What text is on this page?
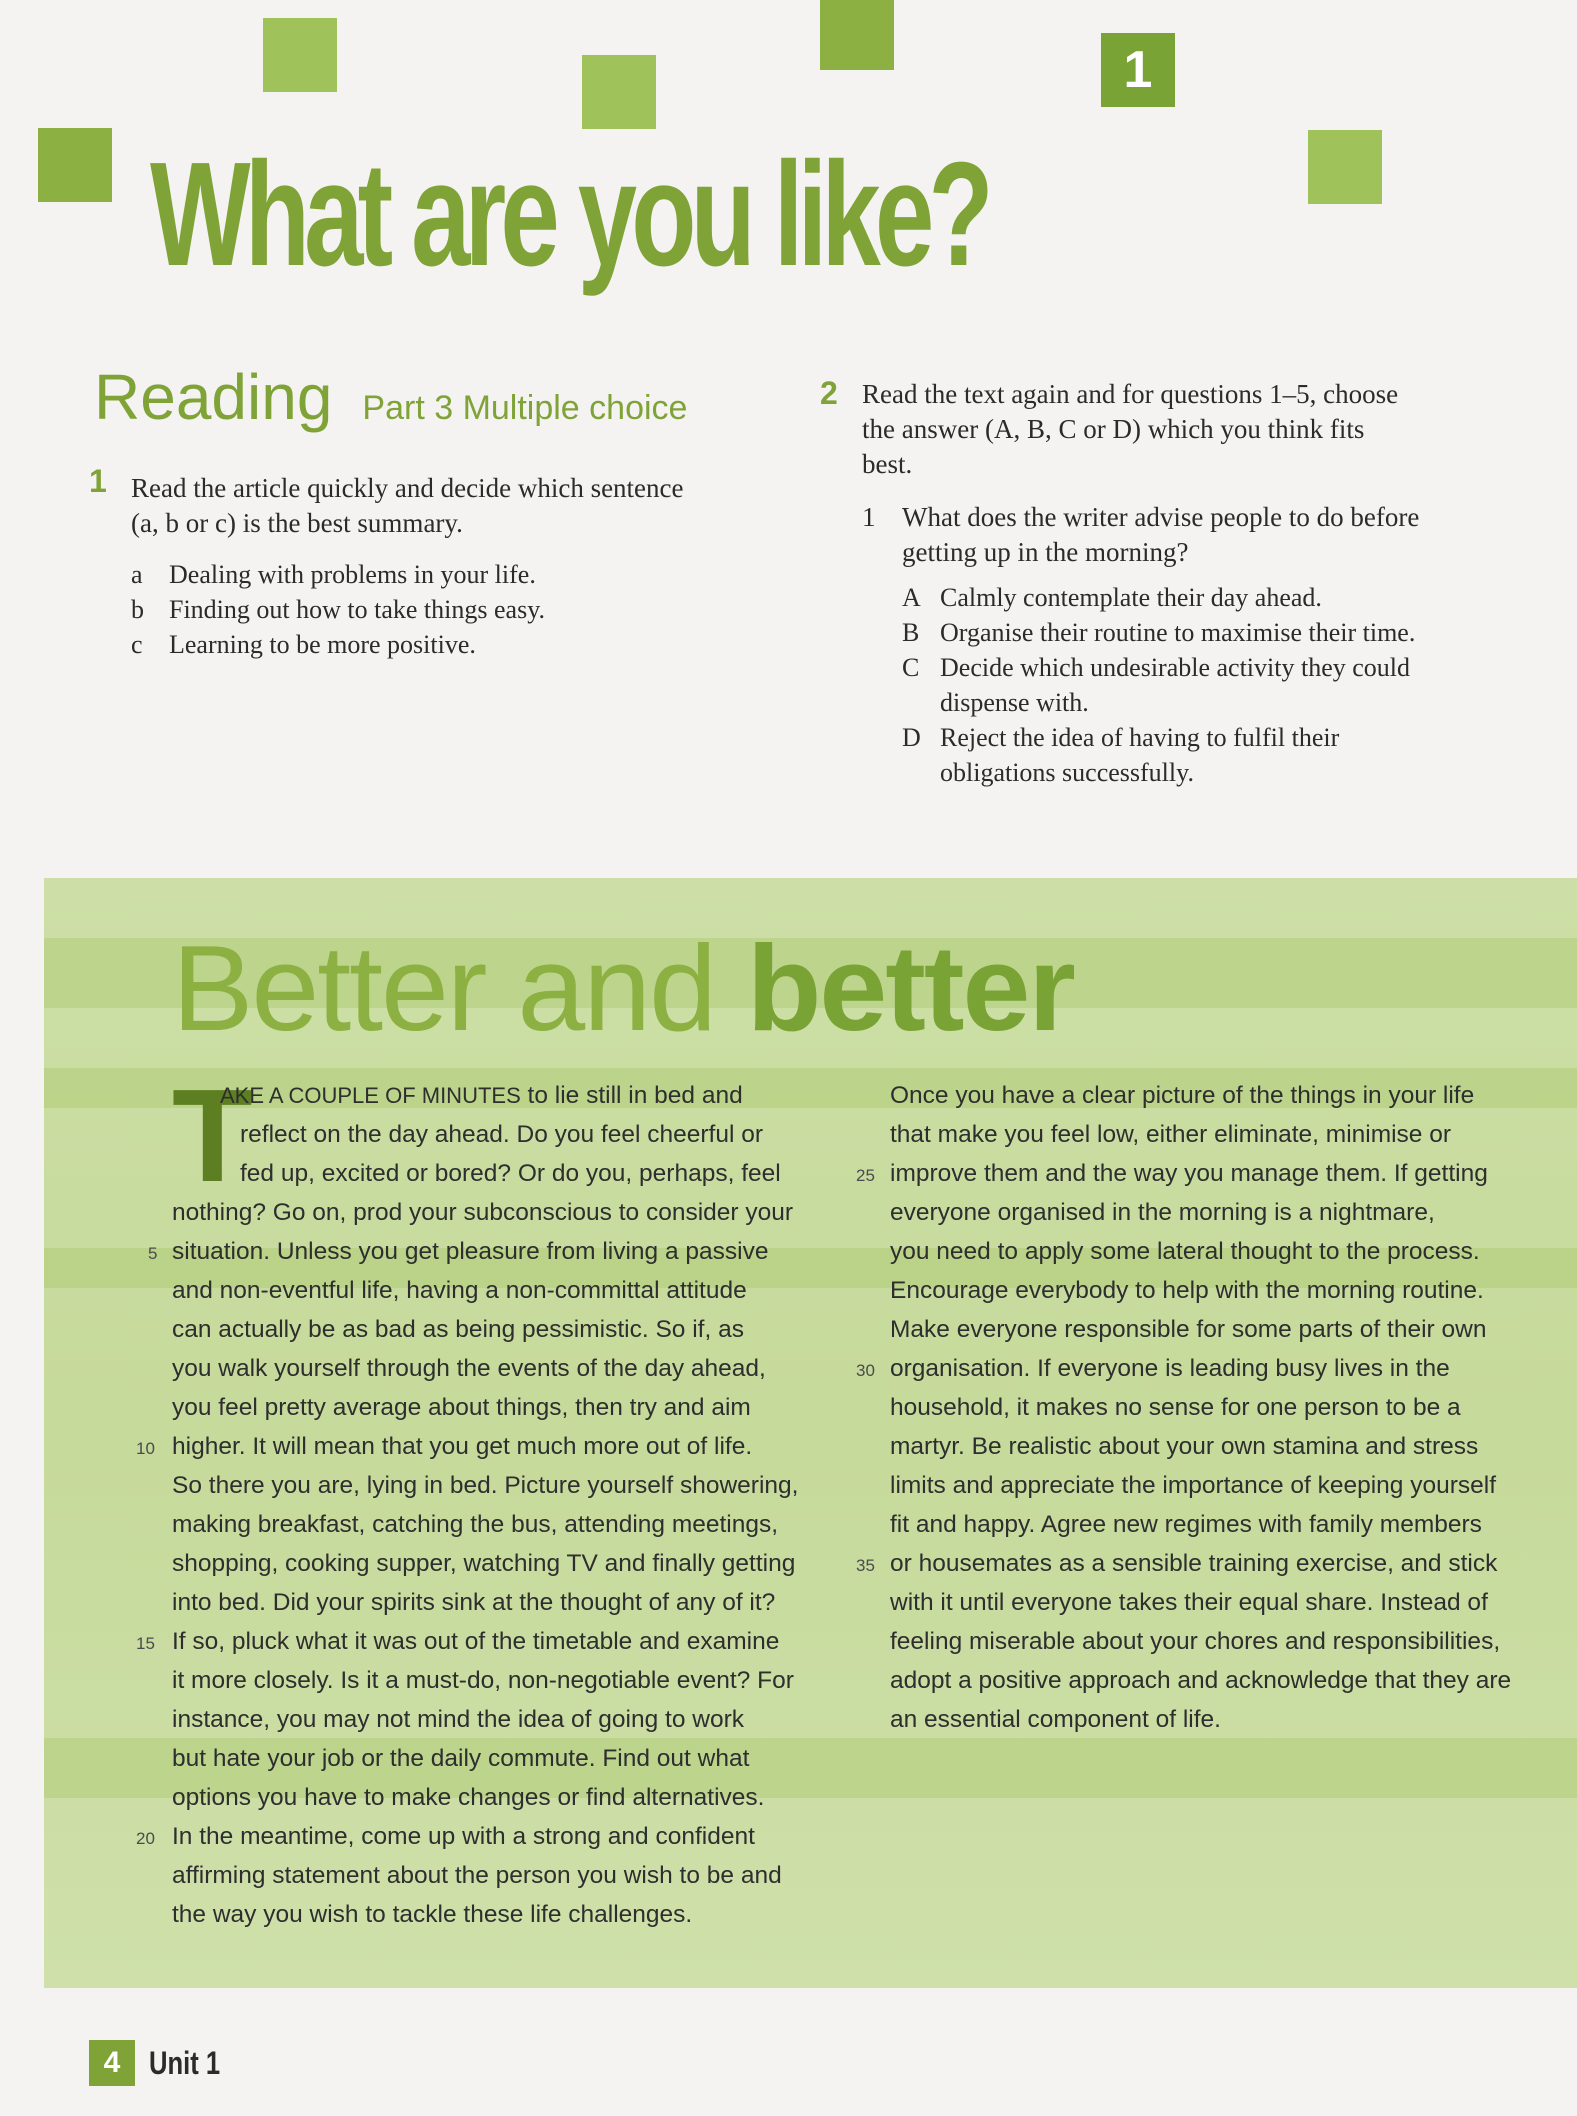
1
What are you like?
Reading Part 3 Multiple choice
1 Read the article quickly and decide which sentence
(a, b or c) is the best summary.
a Dealing with problems in your life.
b Finding out how to take things easy.
c Learning to be more positive.
2 Read the text again and for questions 1–5, choose
the answer (A, B, C or D) which you think fits
best.
1 What does the writer advise people to do before
getting up in the morning?
A Calmly contemplate their day ahead.
B Organise their routine to maximise their time.
C Decide which undesirable activity they could dispense with.
D Reject the idea of having to fulfil their obligations successfully.
Better and better
T
AKE A COUPLE OF MINUTES to lie still in bed and
reflect on the day ahead. Do you feel cheerful or
fed up, excited or bored? Or do you, perhaps, feel
nothing? Go on, prod your subconscious to consider your
5 situation. Unless you get pleasure from living a passive
and non-eventful life, having a non-committal attitude
can actually be as bad as being pessimistic. So if, as
you walk yourself through the events of the day ahead,
you feel pretty average about things, then try and aim
10 higher. It will mean that you get much more out of life.
So there you are, lying in bed. Picture yourself showering,
making breakfast, catching the bus, attending meetings,
shopping, cooking supper, watching TV and finally getting
into bed. Did your spirits sink at the thought of any of it?
15 If so, pluck what it was out of the timetable and examine
it more closely. Is it a must-do, non-negotiable event? For
instance, you may not mind the idea of going to work
but hate your job or the daily commute. Find out what
options you have to make changes or find alternatives.
20 In the meantime, come up with a strong and confident
affirming statement about the person you wish to be and
the way you wish to tackle these life challenges.
Once you have a clear picture of the things in your life
that make you feel low, either eliminate, minimise or
25 improve them and the way you manage them. If getting
everyone organised in the morning is a nightmare,
you need to apply some lateral thought to the process.
Encourage everybody to help with the morning routine.
Make everyone responsible for some parts of their own
30 organisation. If everyone is leading busy lives in the
household, it makes no sense for one person to be a
martyr. Be realistic about your own stamina and stress
limits and appreciate the importance of keeping yourself
fit and happy. Agree new regimes with family members
35 or housemates as a sensible training exercise, and stick
with it until everyone takes their equal share. Instead of
feeling miserable about your chores and responsibilities,
adopt a positive approach and acknowledge that they are
an essential component of life.
4 Unit 1
